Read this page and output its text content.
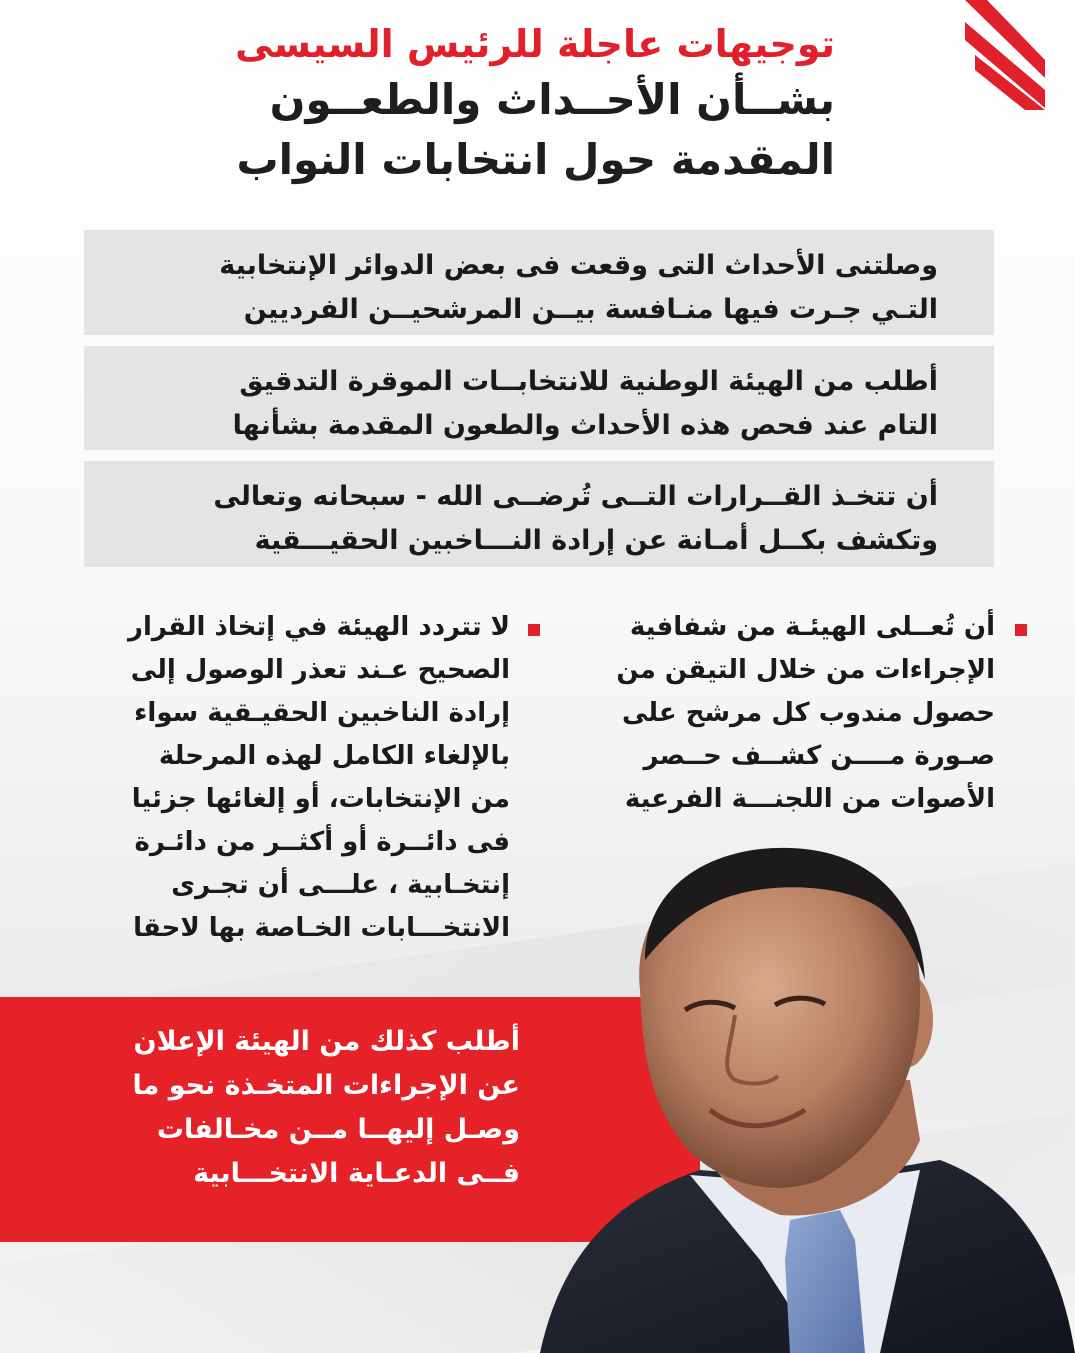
توجيهات عاجلة للرئيس السيسى
بشــأن الأحــداث والطعــون
المقدمة حول انتخابات النواب

وصلتنى الأحداث التى وقعت فى بعض الدوائر الإنتخابية

التـي جـرت فيها منـافسة بيــن المرشحيــن الفرديين

أطلب من الهيئة الوطنية للانتخابــات الموقرة التدقيق

التام عند فحص هذه الأحداث والطعون المقدمة بشأنها

أن تتخـذ القــرارات التــى تُرضــى الله - سبحانه وتعالى

وتكشف بكــل أمـانة عن إرادة النـــاخبين الحقيـــقية

أن تُعــلى الهيئـة من شفافية
الإجراءات من خلال التيقن من
حصول مندوب كل مرشح على
صـورة مــــن كشــف حــصر
الأصوات من اللجنـــة الفرعية
لا تتردد الهيئة في إتخاذ القرار
الصحيح عـند تعذر الوصول إلى
إرادة الناخبين الحقيـقية سواء
بالإلغاء الكامل لهذه المرحلة
من الإنتخابات، أو إلغائها جزئيا
فى دائــرة أو أكثــر من دائـرة
إنتخـابية ، علـــى أن تجـرى
الانتخـــابات الخـاصة بها لاحقا
أطلب كذلك من الهيئة الإعلان
عن الإجراءات المتخـذة نحو ما
وصـل إليهــا مــن مخـالفات
فــى الدعـاية الانتخـــابية
